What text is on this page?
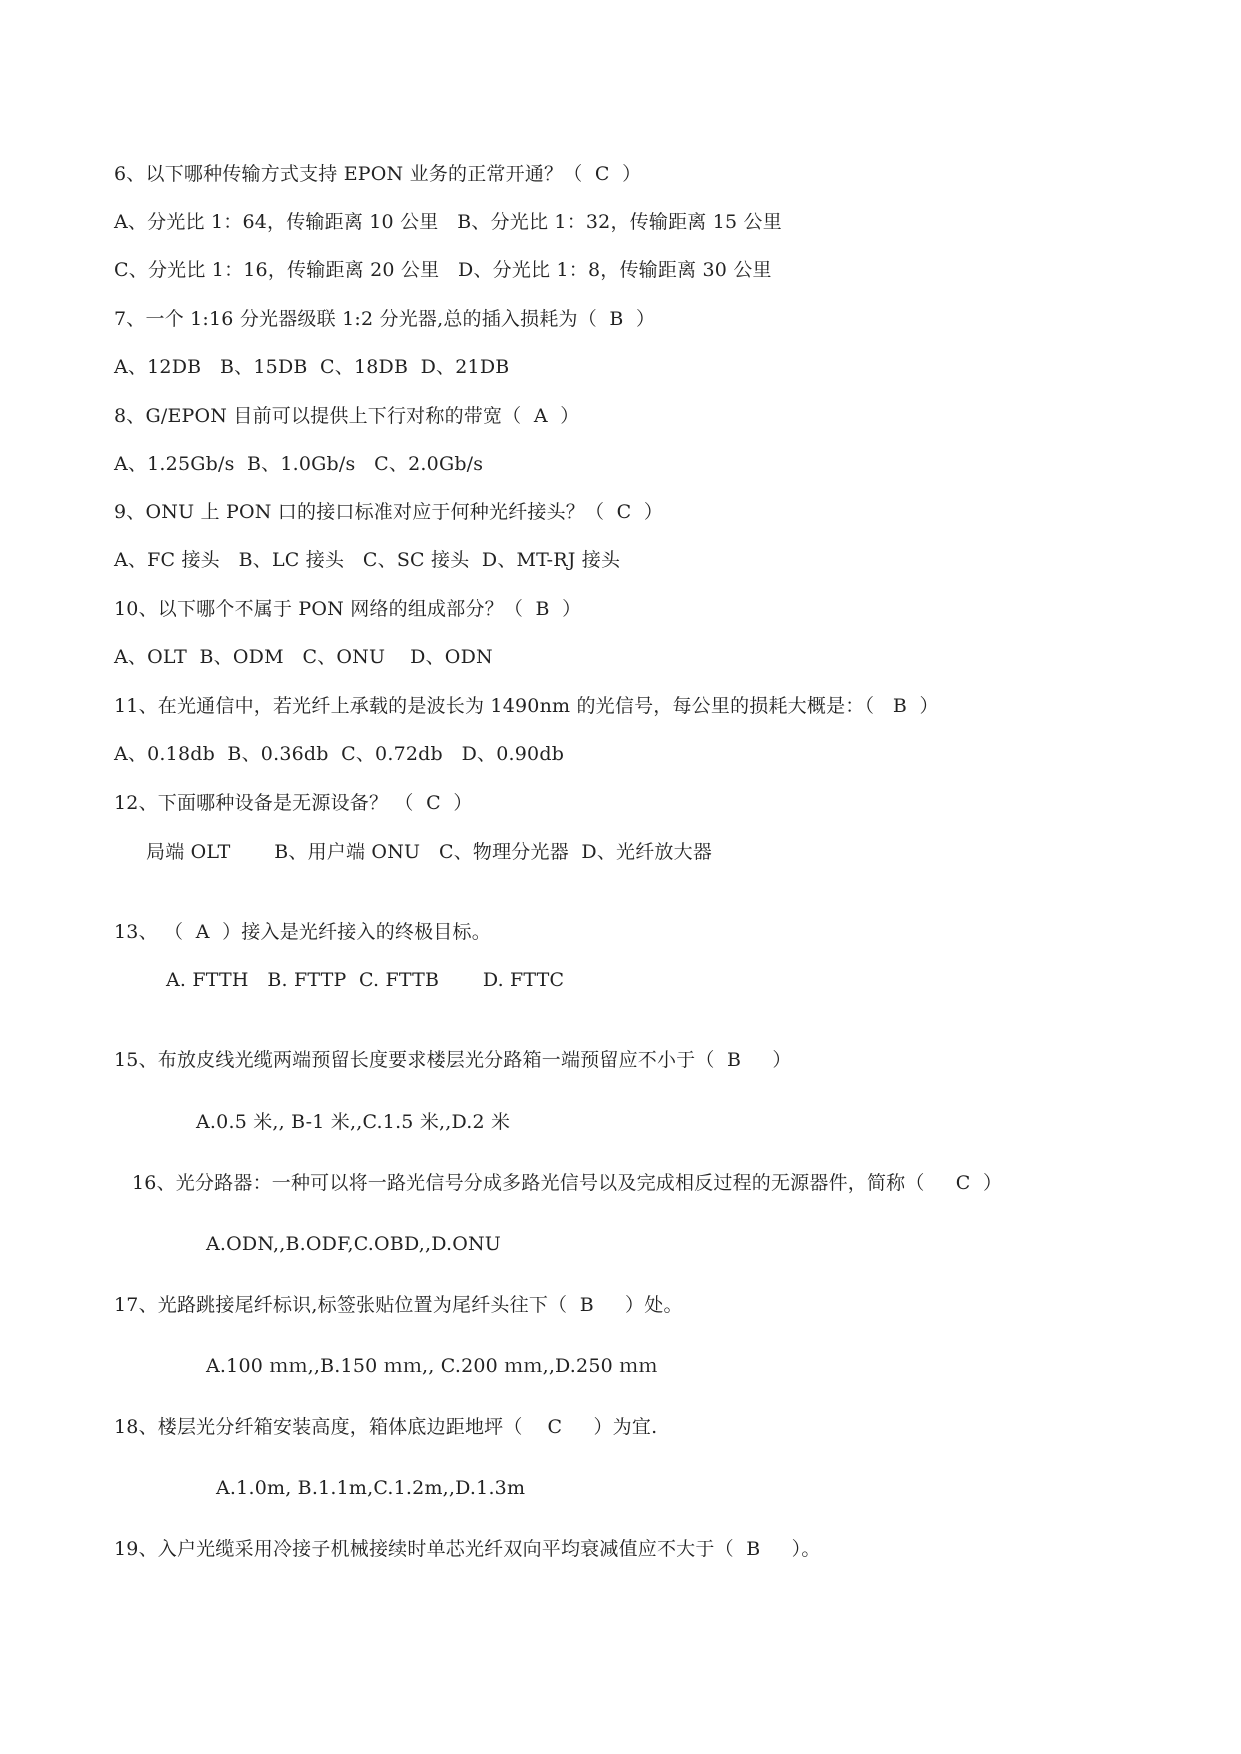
6、以下哪种传输方式支持 EPON 业务的正常开通？（  C  ）
A、分光比 1：64，传输距离 10 公里   B、分光比 1：32，传输距离 15 公里
C、分光比 1：16，传输距离 20 公里   D、分光比 1：8，传输距离 30 公里
7、一个 1:16 分光器级联 1:2 分光器,总的插入损耗为（  B  ）
A、12DB   B、15DB  C、18DB  D、21DB
8、G/EPON 目前可以提供上下行对称的带宽（  A  ）
A、1.25Gb/s  B、1.0Gb/s   C、2.0Gb/s
9、ONU 上 PON 口的接口标准对应于何种光纤接头？（  C  ）
A、FC 接头   B、LC 接头   C、SC 接头  D、MT-RJ 接头
10、以下哪个不属于 PON 网络的组成部分？（  B  ）
A、OLT  B、ODM   C、ONU    D、ODN
11、在光通信中，若光纤上承载的是波长为 1490nm 的光信号，每公里的损耗大概是：（   B  ）
A、0.18db  B、0.36db  C、0.72db   D、0.90db
12、下面哪种设备是无源设备？ （  C  ）
局端 OLT       B、用户端 ONU   C、物理分光器  D、光纤放大器
13、 （  A  ）接入是光纤接入的终极目标。
A. FTTH   B. FTTP  C. FTTB       D. FTTC
15、布放皮线光缆两端预留长度要求楼层光分路箱一端预留应不小于（  B     ）
A.0.5 米,, B-1 米,,C.1.5 米,,D.2 米
16、光分路器：一种可以将一路光信号分成多路光信号以及完成相反过程的无源器件，简称（     C  ）
A.ODN,,B.ODF,C.OBD,,D.ONU
17、光路跳接尾纤标识,标签张贴位置为尾纤头往下（  B     ）处。
A.100 ｍｍ,,B.150 ｍｍ,, C.200 ｍｍ,,D.250 ｍｍ
18、楼层光分纤箱安装高度，箱体底边距地坪（    C     ）为宜.
A.1.0m, B.1.1m,C.1.2m,,D.1.3m
19、入户光缆采用冷接子机械接续时单芯光纤双向平均衰减值应不大于（  B     ）。
